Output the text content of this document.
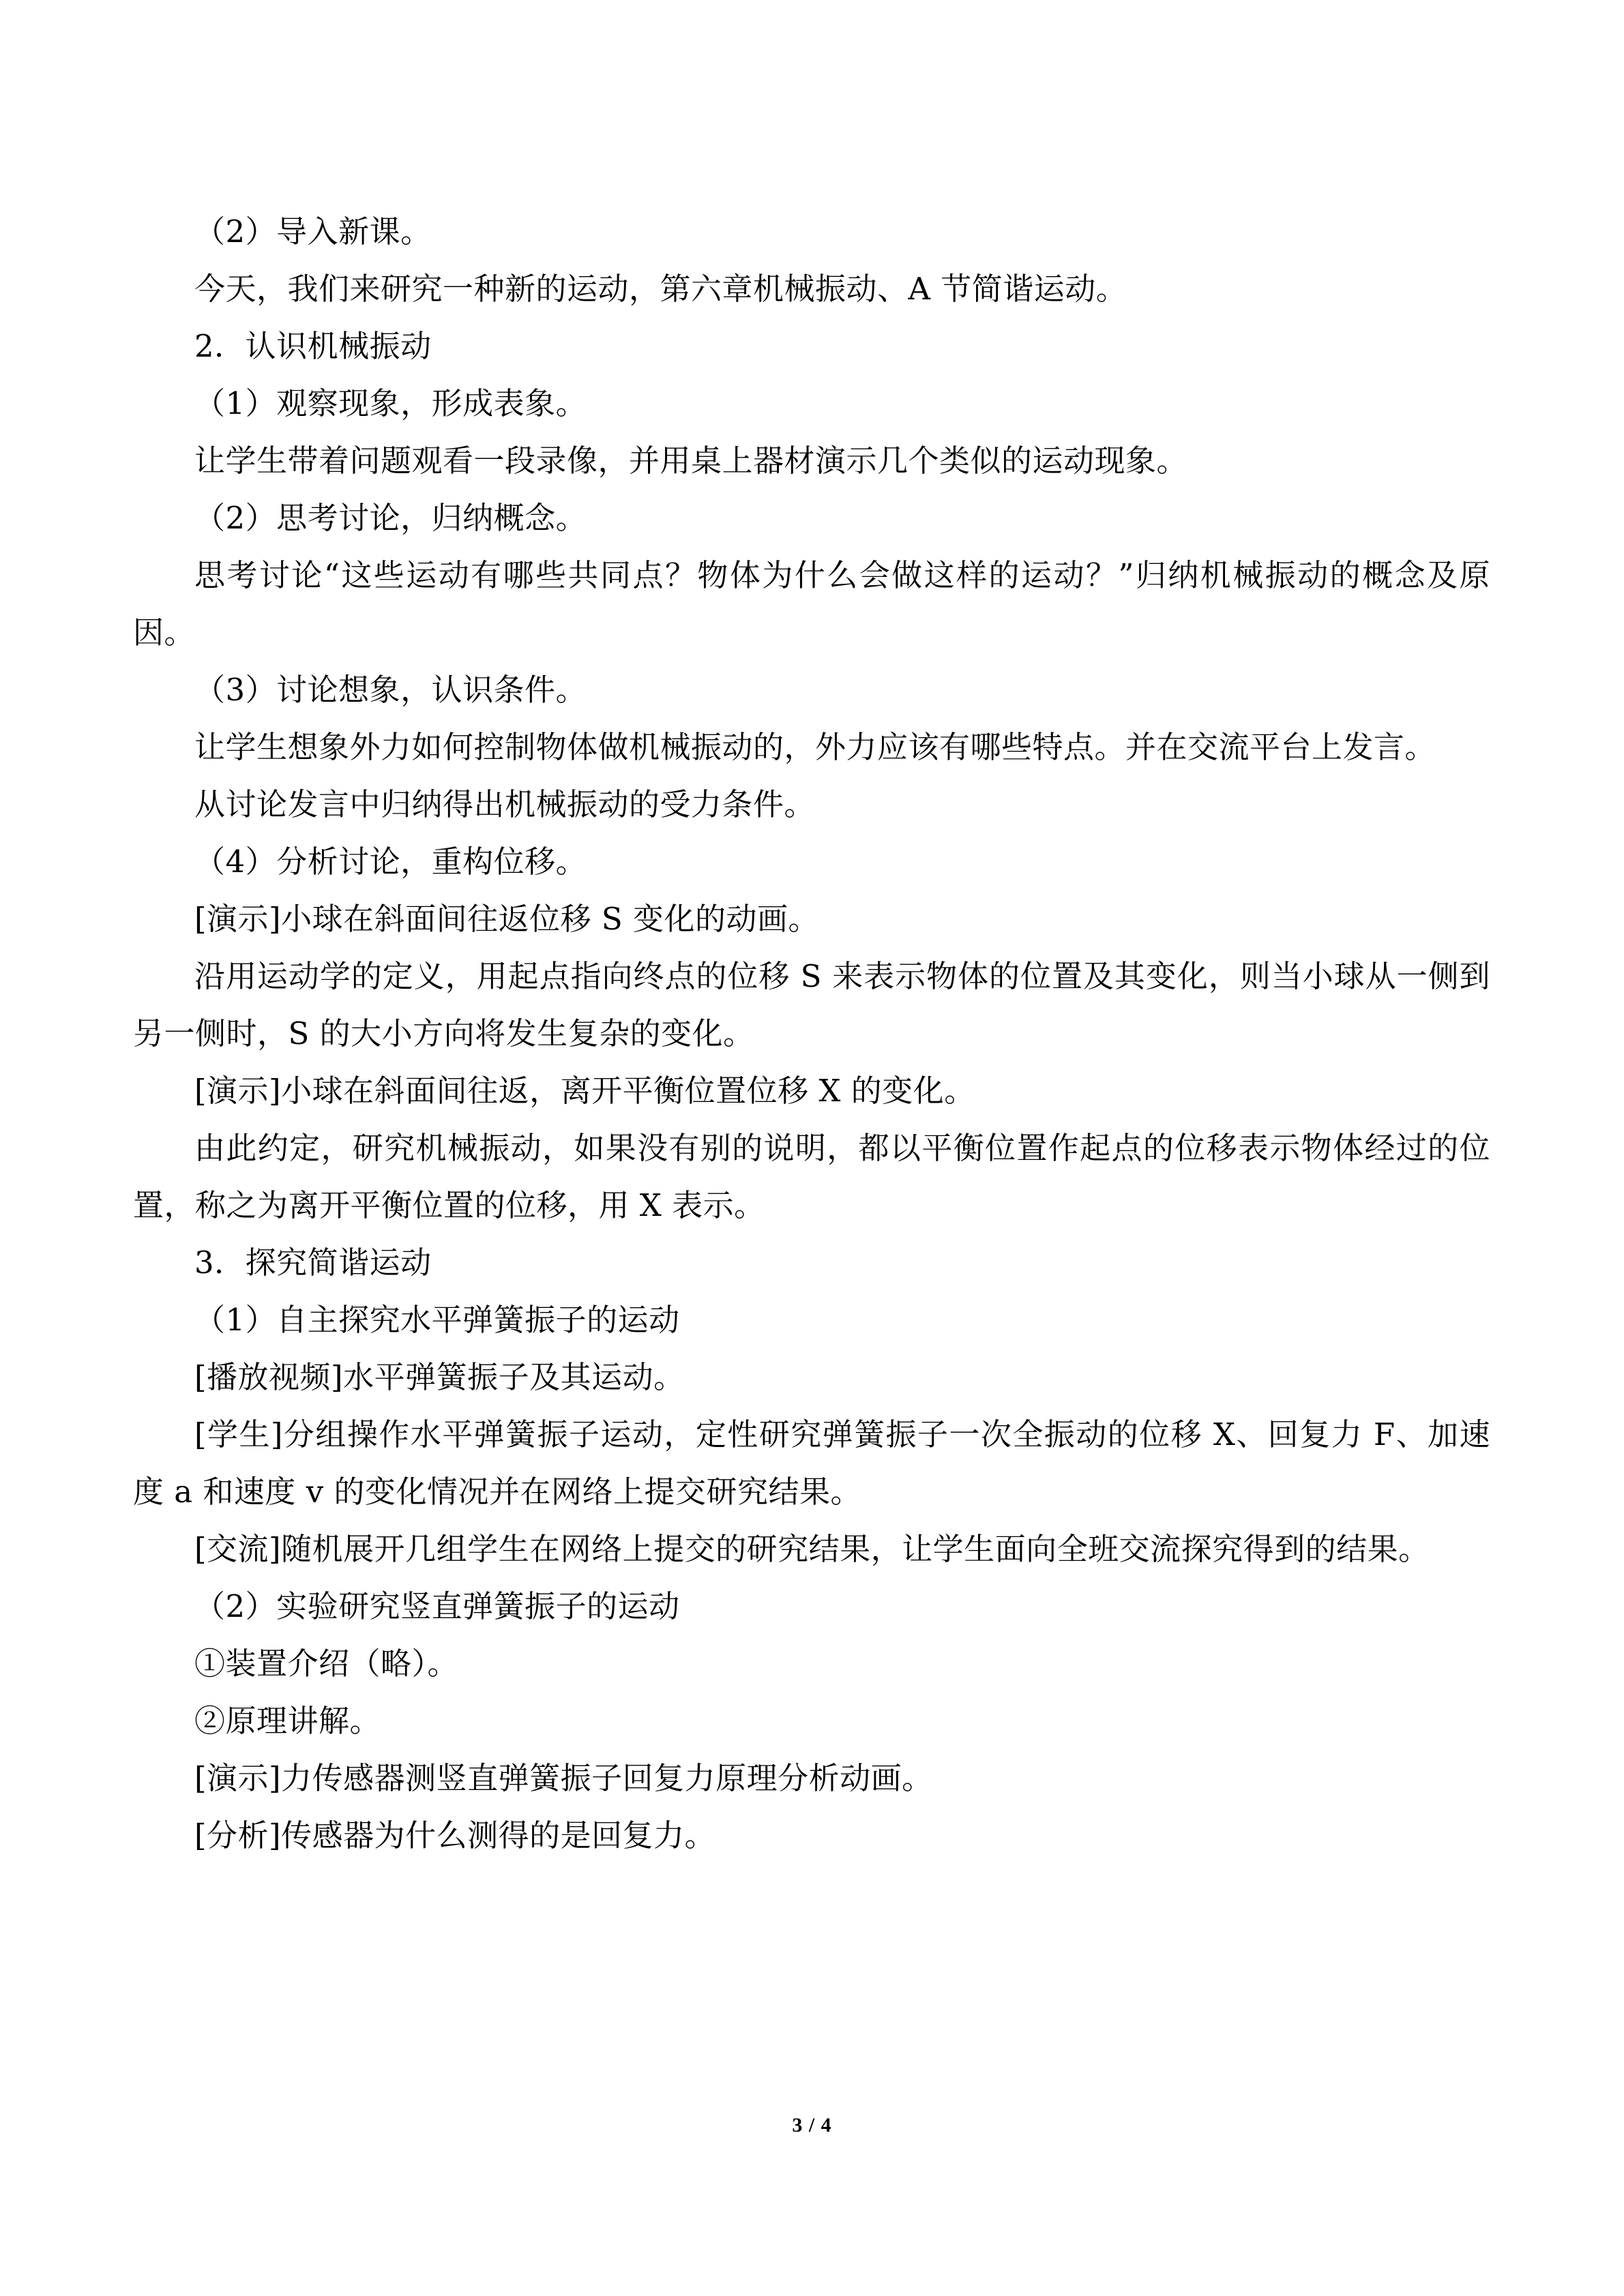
（2）导入新课。

今天，我们来研究一种新的运动，第六章机械振动、A 节简谐运动。

2．认识机械振动

（1）观察现象，形成表象。

让学生带着问题观看一段录像，并用桌上器材演示几个类似的运动现象。

（2）思考讨论，归纳概念。

思考讨论“这些运动有哪些共同点？物体为什么会做这样的运动？”归纳机械振动的概念及原因。

（3）讨论想象，认识条件。

让学生想象外力如何控制物体做机械振动的，外力应该有哪些特点。并在交流平台上发言。

从讨论发言中归纳得出机械振动的受力条件。

（4）分析讨论，重构位移。

[演示]小球在斜面间往返位移 S 变化的动画。

沿用运动学的定义，用起点指向终点的位移 S 来表示物体的位置及其变化，则当小球从一侧到另一侧时，S 的大小方向将发生复杂的变化。

[演示]小球在斜面间往返，离开平衡位置位移 X 的变化。

由此约定，研究机械振动，如果没有别的说明，都以平衡位置作起点的位移表示物体经过的位置，称之为离开平衡位置的位移，用 X 表示。

3．探究简谐运动

（1）自主探究水平弹簧振子的运动

[播放视频]水平弹簧振子及其运动。

[学生]分组操作水平弹簧振子运动，定性研究弹簧振子一次全振动的位移 X、回复力 F、加速度 a 和速度 v 的变化情况并在网络上提交研究结果。

[交流]随机展开几组学生在网络上提交的研究结果，让学生面向全班交流探究得到的结果。

（2）实验研究竖直弹簧振子的运动

①装置介绍（略）。

②原理讲解。

[演示]力传感器测竖直弹簧振子回复力原理分析动画。

[分析]传感器为什么测得的是回复力。

3 / 4
